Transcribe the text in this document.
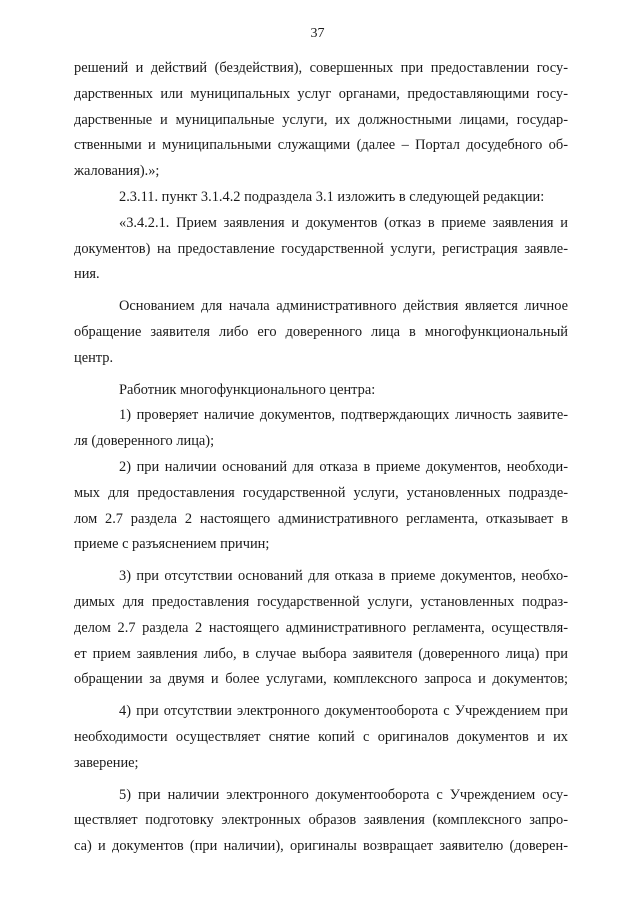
37
решений и действий (бездействия), совершенных при предоставлении госу-
дарственных или муниципальных услуг органами, предоставляющими госу-
дарственные и муниципальные услуги, их должностными лицами, государ-
ственными и муниципальными служащими (далее – Портал досудебного об-
жалования).»;
2.3.11. пункт 3.1.4.2 подраздела 3.1 изложить в следующей редакции:
«3.4.2.1. Прием заявления и документов (отказ в приеме заявления и
документов) на предоставление государственной услуги, регистрация заявле-
ния.
Основанием для начала административного действия является личное
обращение заявителя либо его доверенного лица в многофункциональный
центр.
Работник многофункционального центра:
1) проверяет наличие документов, подтверждающих личность заявите-
ля (доверенного лица);
2) при наличии оснований для отказа в приеме документов, необходи-
мых для предоставления государственной услуги, установленных подразде-
лом 2.7 раздела 2 настоящего административного регламента, отказывает в
приеме с разъяснением причин;
3) при отсутствии оснований для отказа в приеме документов, необхо-
димых для предоставления государственной услуги, установленных подраз-
делом 2.7 раздела 2 настоящего административного регламента, осуществля-
ет прием заявления либо, в случае выбора заявителя (доверенного лица) при
обращении за двумя и более услугами, комплексного запроса и документов;
4) при отсутствии электронного документооборота с Учреждением при
необходимости осуществляет снятие копий с оригиналов документов и их
заверение;
5) при наличии электронного документооборота с Учреждением осу-
ществляет подготовку электронных образов заявления (комплексного запро-
са) и документов (при наличии), оригиналы возвращает заявителю (доверен-
